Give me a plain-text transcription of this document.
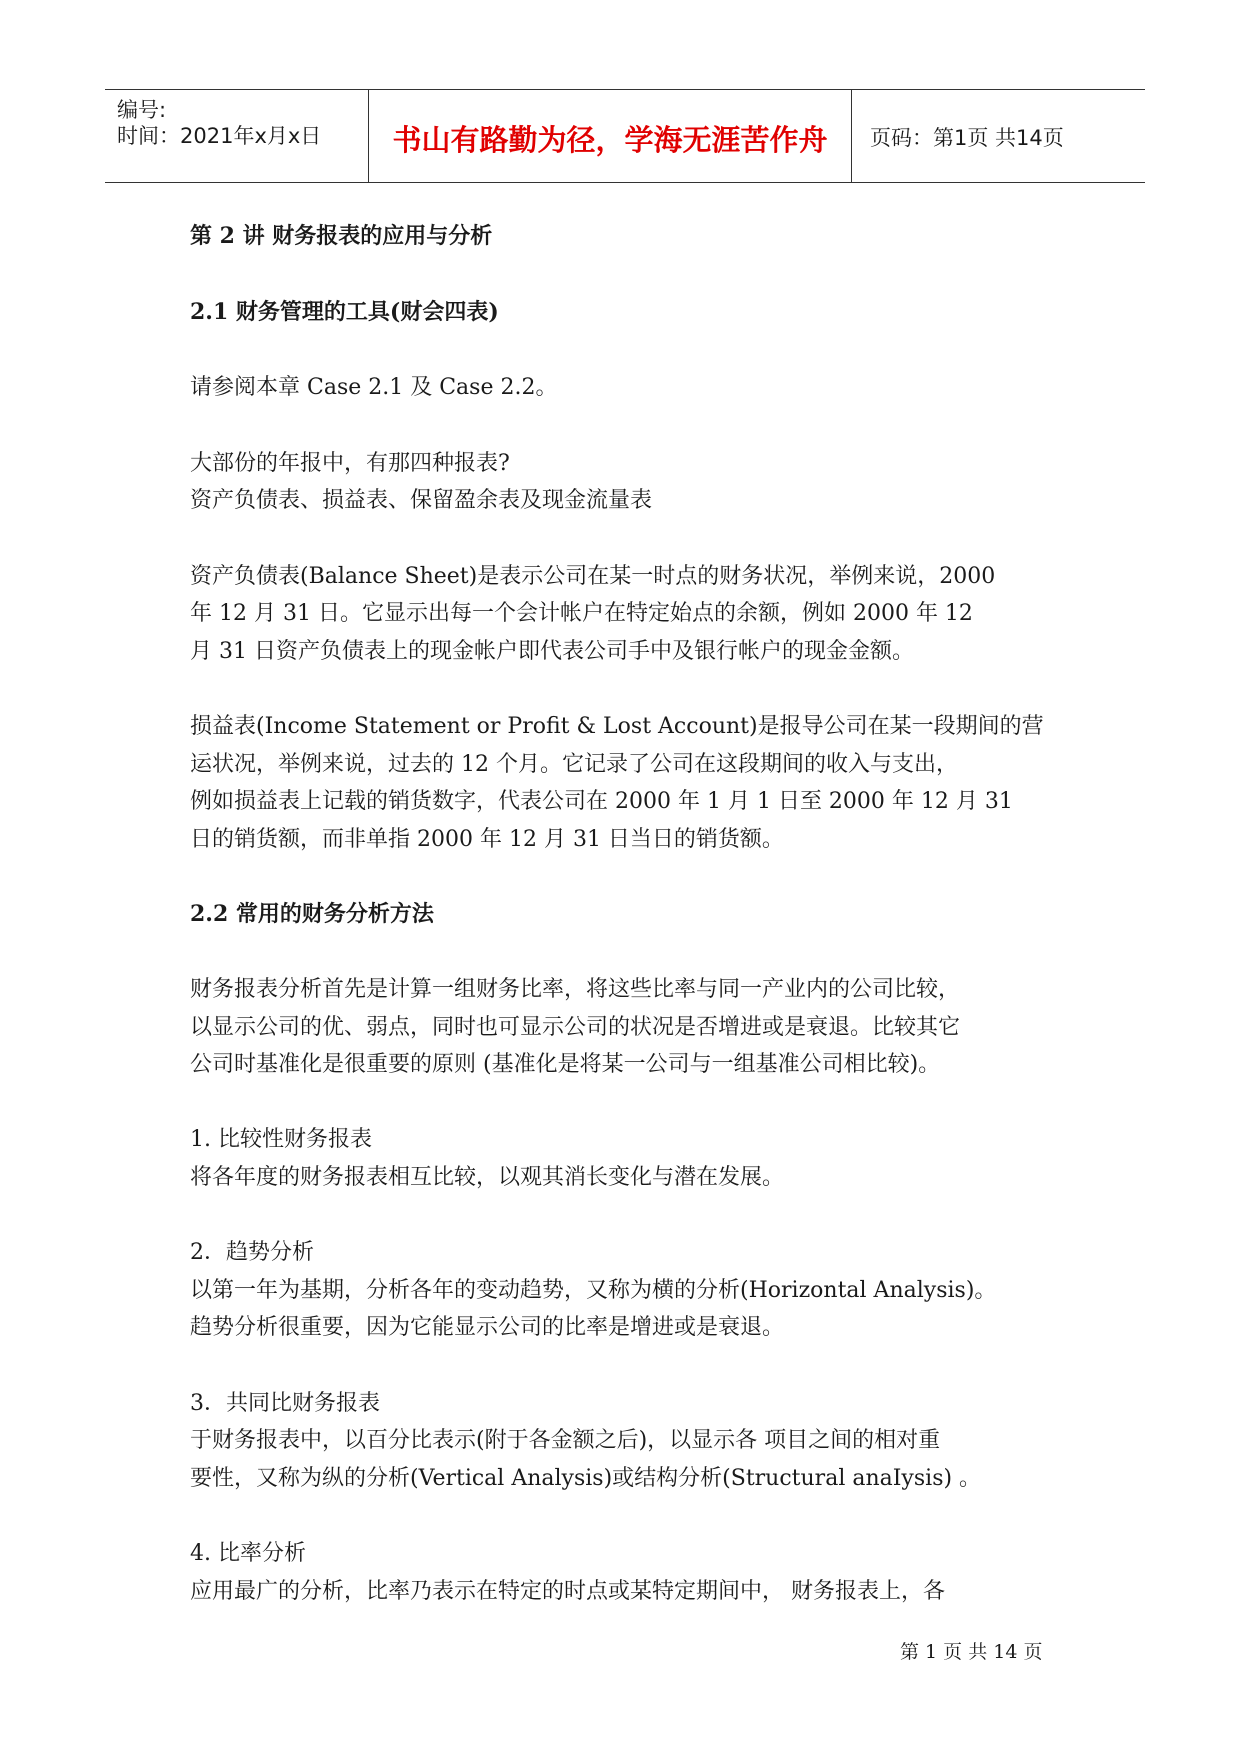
编号:
时间：2021年x月x日	书山有路勤为径，学海无涯苦作舟	页码：第1页 共14页
第 2 讲 财务报表的应用与分析
2.1 财务管理的工具(财会四表)
请参阅本章 Case 2.1 及 Case 2.2。
大部份的年报中，有那四种报表?
资产负债表、损益表、保留盈余表及现金流量表
资产负债表(Balance Sheet)是表示公司在某一时点的财务状况，举例来说，2000
年 12 月 31 日。它显示出每一个会计帐户在特定始点的余额，例如 2000 年 12
月 31 日资产负债表上的现金帐户即代表公司手中及银行帐户的现金金额。
损益表(Income Statement or Profit & Lost Account)是报导公司在某一段期间的营
运状况，举例来说，过去的 12 个月。它记录了公司在这段期间的收入与支出，
例如损益表上记载的销货数字，代表公司在 2000 年 1 月 1 日至 2000 年 12 月 31
日的销货额，而非单指 2000 年 12 月 31 日当日的销货额。
2.2 常用的财务分析方法
财务报表分析首先是计算一组财务比率，将这些比率与同一产业内的公司比较，
以显示公司的优、弱点，同时也可显示公司的状况是否增进或是衰退。比较其它
公司时基准化是很重要的原则 (基准化是将某一公司与一组基准公司相比较)。
1. 比较性财务报表
将各年度的财务报表相互比较，以观其消长变化与潜在发展。
2．趋势分析
以第一年为基期，分析各年的变动趋势，又称为横的分析(Horizontal Analysis)。
趋势分析很重要，因为它能显示公司的比率是增进或是衰退。
3．共同比财务报表
于财务报表中，以百分比表示(附于各金额之后)，以显示各 项目之间的相对重
要性，又称为纵的分析(Vertical Analysis)或结构分析(Structural anaIysis) 。
4. 比率分析
应用最广的分析，比率乃表示在特定的时点或某特定期间中， 财务报表上，各
第 1 页 共 14 页
